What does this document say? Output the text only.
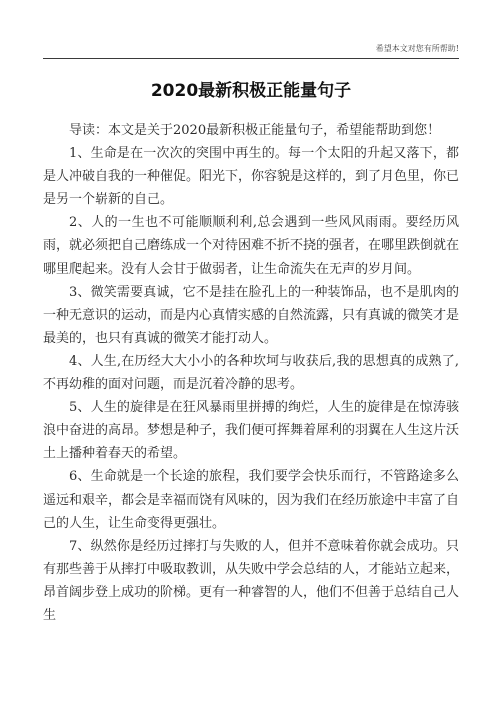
希望本文对您有所帮助!
2020最新积极正能量句子

导读：本文是关于2020最新积极正能量句子，希望能帮助到您！

1、生命是在一次次的突围中再生的。每一个太阳的升起又落下，都是人冲破自我的一种催促。阳光下，你容貌是这样的，到了月色里，你已是另一个崭新的自己。

2、人的一生也不可能顺顺利利,总会遇到一些风风雨雨。要经历风雨，就必须把自己磨练成一个对待困难不折不挠的强者，在哪里跌倒就在哪里爬起来。没有人会甘于做弱者，让生命流失在无声的岁月间。

3、微笑需要真诚，它不是挂在脸孔上的一种装饰品，也不是肌肉的一种无意识的运动，而是内心真情实感的自然流露，只有真诚的微笑才是最美的，也只有真诚的微笑才能打动人。

4、人生,在历经大大小小的各种坎坷与收获后,我的思想真的成熟了,不再幼稚的面对问题，而是沉着冷静的思考。

5、人生的旋律是在狂风暴雨里拼搏的绚烂，人生的旋律是在惊涛骇浪中奋进的高昂。梦想是种子，我们便可挥舞着犀利的羽翼在人生这片沃土上播种着春天的希望。

6、生命就是一个长途的旅程，我们要学会快乐而行，不管路途多么遥远和艰辛，都会是幸福而饶有风味的，因为我们在经历旅途中丰富了自己的人生，让生命变得更强壮。

7、纵然你是经历过摔打与失败的人，但并不意味着你就会成功。只有那些善于从摔打中吸取教训，从失败中学会总结的人，才能站立起来，昂首阔步登上成功的阶梯。更有一种睿智的人，他们不但善于总结自己人生
